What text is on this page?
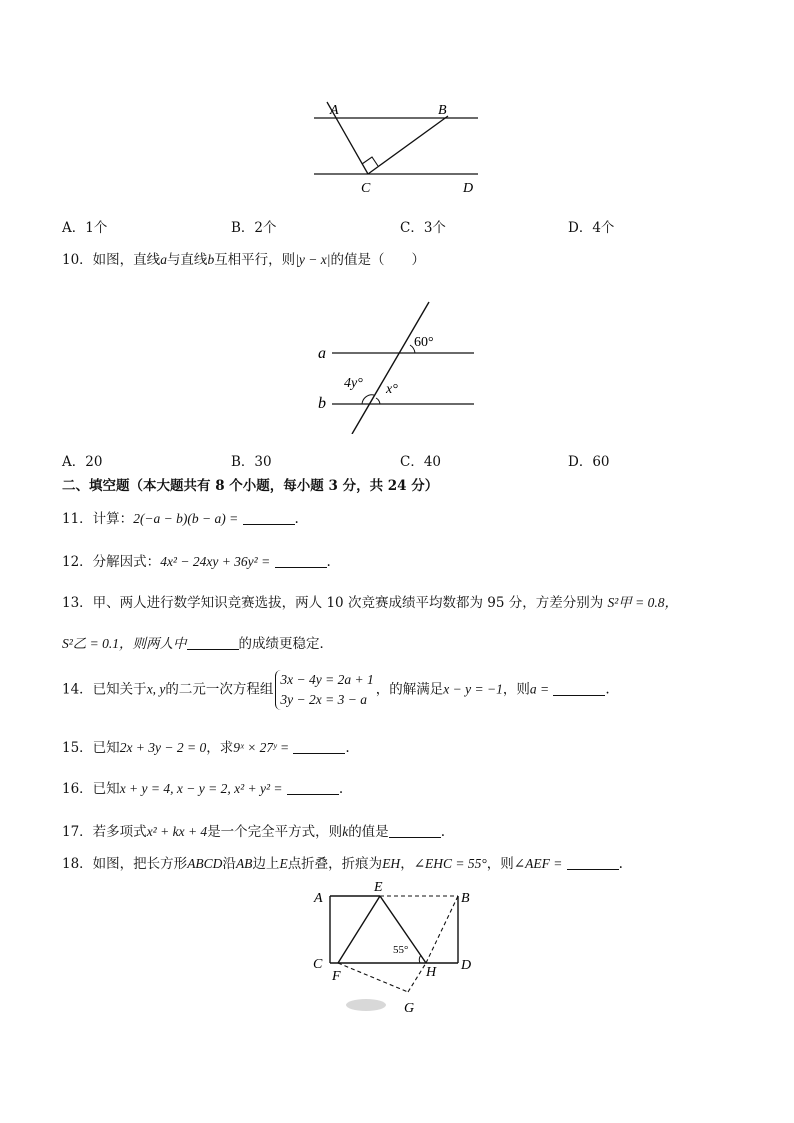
A	B
C	D
A．1个	B．2个	C．3个	D．4个
10．如图，直线a与直线b互相平行，则|y − x|的值是（　　）
a
b
60°
4y° x°
A．20	B．30	C．40	D．60
二、填空题（本大题共有 8 个小题，每小题 3 分，共 24 分）
11．计算：2(−a − b)(b − a) =	.
12．分解因式：4x² − 24xy + 36y² =	.
13．甲、两人进行数学知识竞赛选拔，两人 10 次竞赛成绩平均数都为 95 分，方差分别为 S²甲 = 0.8，
S²乙 = 0.1，则两人中	的成绩更稳定．
14．已知关于x, y的二元一次方程组3x − 4y = 2a + 1
3y − 2x = 3 − a，的解满足x − y = −1，则a =	.
15．已知2x + 3y − 2 = 0，求9ˣ × 27ʸ =	.
16．已知x + y = 4, x − y = 2, x² + y² =	.
17．若多项式x² + kx + 4是一个完全平方式，则k的值是	.
18．如图，把长方形ABCD沿AB边上E点折叠，折痕为EH，∠EHC = 55°，则∠AEF =	.
A
E
B
C
F	H D
G
55°
